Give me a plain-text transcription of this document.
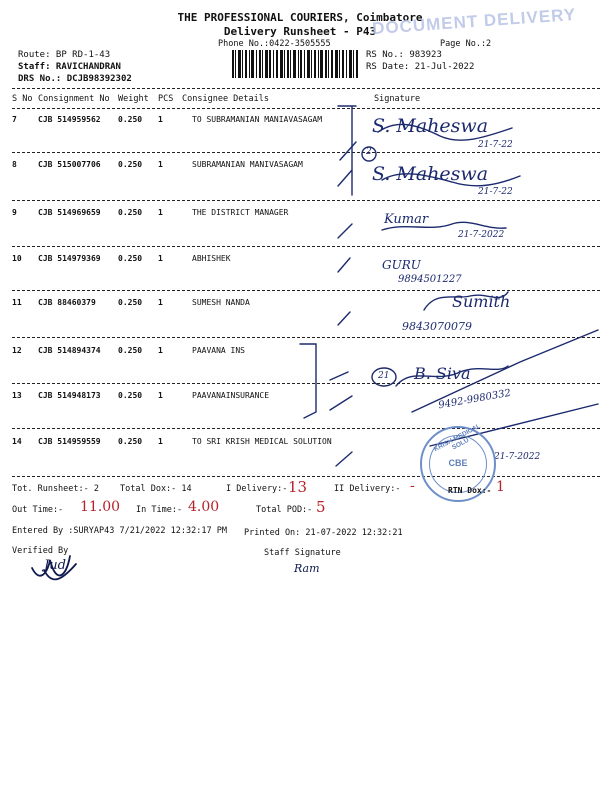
THE PROFESSIONAL COURIERS, Coimbatore
Delivery Runsheet - P43
Phone No.:0422-3505555	Page No.:2
DOCUMENT DELIVERY
Route: BP RD-1-43
Staff: RAVICHANDRAN
DRS No.: DCJB98392302
RS No.: 983923
RS Date: 21-Jul-2022
S No Consignment No Weight PCS Consignee Details	Signature
7	CJB 514959562 0.250 1	TO SUBRAMANIAN MANIAVASAGAM
8	CJB 515007706 0.250 1	SUBRAMANIAN MANIVASAGAM
9	CJB 514969659 0.250 1	THE DISTRICT MANAGER
10 CJB 514979369 0.250 1	ABHISHEK
11 CJB 88460379	0.250 1	SUMESH NANDA
12 CJB 514894374 0.250 1	PAAVANA INS
13 CJB 514948173 0.250 1	PAAVANAINSURANCE
14 CJB 514959559 0.250 1	TO SRI KRISH MEDICAL SOLUTION
S. Maheswa
21-7-22
S. Maheswa
21-7-22
Kumar
21-7-2022
GURU
9894501227
Sumith
9843070079
B. Siva
9492-9980332
21-7-2022
2
21
KRISH MEDICAL SOLU
CBE
Tot. Runsheet:- 2 Total Dox:- 14	I Delivery:- 13	II Delivery:- -	RTN Dox:- 1
Out Time:- 11.00 In Time:- 4.00	Total POD:- 5
Entered By :SURYAP43 7/21/2022 12:32:17 PM Printed On: 21-07-2022 12:32:21
Verified By	Staff Signature
Jud	Ram
